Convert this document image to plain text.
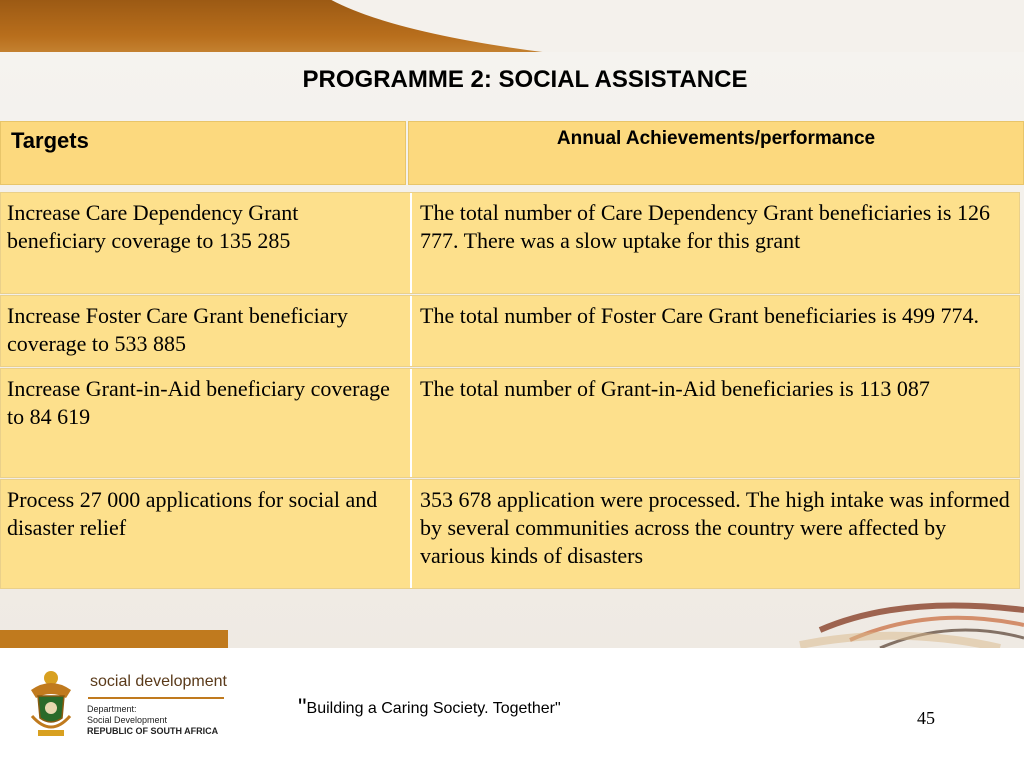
PROGRAMME 2: SOCIAL ASSISTANCE
Targets	Annual Achievements/performance
Increase Care Dependency Grant beneficiary coverage to 135 285
The total number of Care Dependency Grant beneficiaries is 126 777. There was a slow uptake for this grant
Increase Foster Care Grant beneficiary coverage to 533 885
The total number of Foster Care Grant beneficiaries is 499 774.
Increase Grant-in-Aid beneficiary coverage to 84 619
The total number of Grant-in-Aid beneficiaries is 113 087
Process 27 000 applications for social and disaster relief
353 678 application were processed. The high intake was informed by several communities across the country were affected by various kinds of disasters
social development
Department:
Social Development
REPUBLIC OF SOUTH AFRICA
"Building a Caring Society. Together"	45
